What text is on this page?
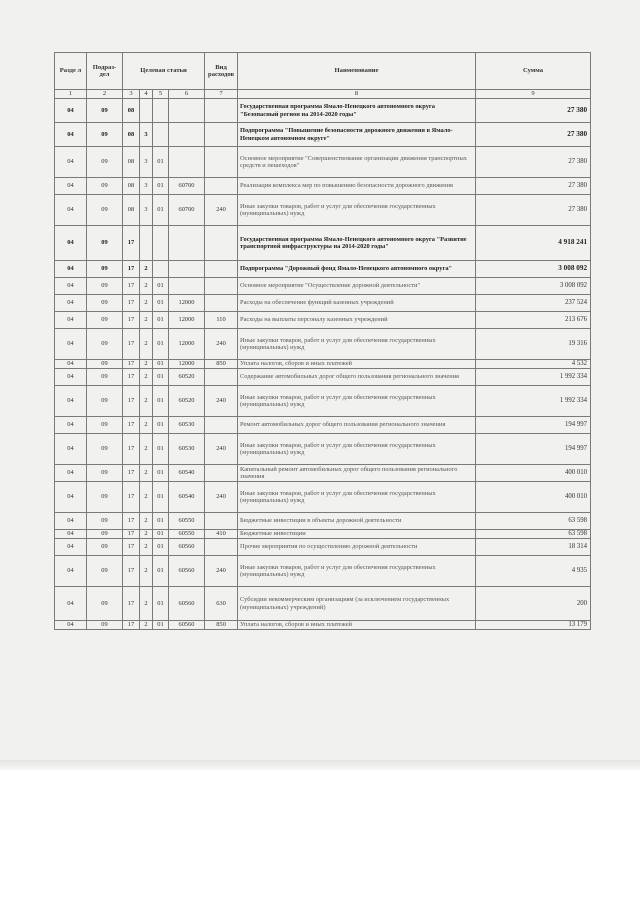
Разде л	Подраз- дел	Целевая статьи				Вид расходов	Наименование	Сумма
1	2	3	4	5	6	7	8	9
04	09	08					Государственная программа Ямало-Ненецкого автономного округа "Безопасный регион на 2014-2020 годы"	27 380
04	09	08	3				Подпрограмма "Повышение безопасности дорожного движения в Ямало-Ненецком автономном округе"	27 380
04	09	08	3	01			Основное мероприятие "Совершенствование организации движения транспортных средств и пешеходов"	27 380
04	09	08	3	01	60700		Реализация комплекса мер по повышению безопасности дорожного движения	27 380
04	09	08	3	01	60700	240	Иные закупки товаров, работ и услуг для обеспечения государственных (муниципальных) нужд	27 380
04	09	17					Государственная программа Ямало-Ненецкого автономного округа "Развитие транспортной инфраструктуры на 2014-2020 годы"	4 918 241
04	09	17	2				Подпрограмма "Дорожный фонд Ямало-Ненецкого автономного округа"	3 008 092
04	09	17	2	01			Основное мероприятие "Осуществление дорожной деятельности"	3 008 092
04	09	17	2	01	12000		Расходы на обеспечение функций казенных учреждений	237 524
04	09	17	2	01	12000	110	Расходы на выплаты персоналу казенных учреждений	213 676
04	09	17	2	01	12000	240	Иные закупки товаров, работ и услуг для обеспечения государственных (муниципальных) нужд	19 316
04	09	17	2	01	12000	850	Уплата налогов, сборов и иных платежей	4 532
04	09	17	2	01	60520		Содержание автомобильных дорог общего пользования регионального значения	1 992 334
04	09	17	2	01	60520	240	Иные закупки товаров, работ и услуг для обеспечения государственных (муниципальных) нужд	1 992 334
04	09	17	2	01	60530		Ремонт автомобильных дорог общего пользования регионального значения	194 997
04	09	17	2	01	60530	240	Иные закупки товаров, работ и услуг для обеспечения государственных (муниципальных) нужд	194 997
04	09	17	2	01	60540		Капитальный ремонт автомобильных дорог общего пользования регионального значения	400 010
04	09	17	2	01	60540	240	Иные закупки товаров, работ и услуг для обеспечения государственных (муниципальных) нужд	400 010
04	09	17	2	01	60550		Бюджетные инвестиции в объекты дорожной деятельности	63 598
04	09	17	2	01	60550	410	Бюджетные инвестиции	63 598
04	09	17	2	01	60560		Прочие мероприятия по осуществлению дорожной деятельности	18 314
04	09	17	2	01	60560	240	Иные закупки товаров, работ и услуг для обеспечения государственных (муниципальных) нужд	4 935
04	09	17	2	01	60560	630	Субсидии некоммерческим организациям (за исключением государственных (муниципальных) учреждений)	200
04	09	17	2	01	60560	850	Уплата налогов, сборов и иных платежей	13 179
